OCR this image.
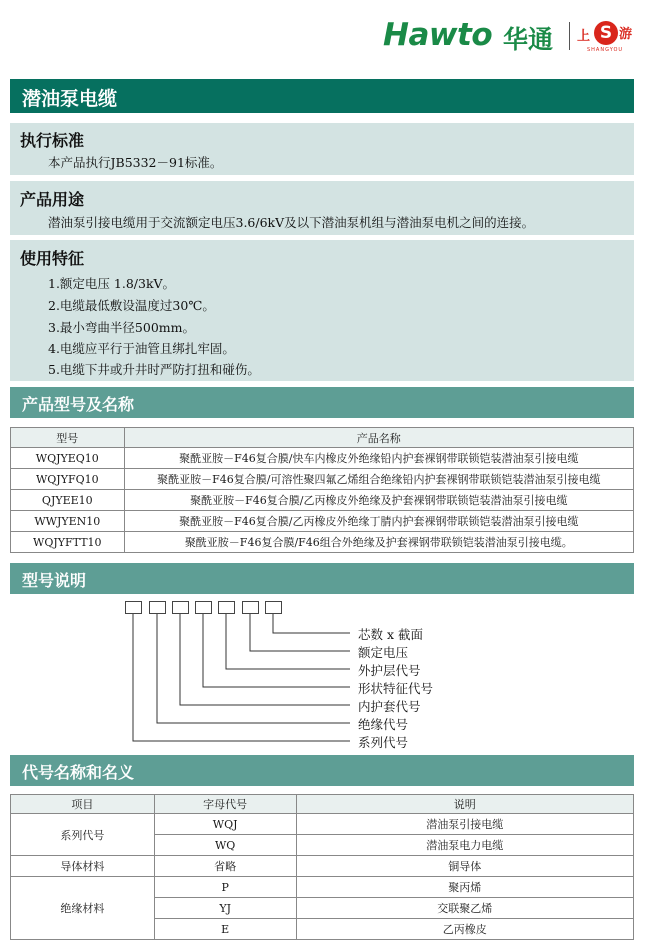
Hawto 华通 上 S 游
SHANGYOU
潜油泵电缆
执行标准
本产品执行JB5332－91标准。
产品用途
潜油泵引接电缆用于交流额定电压3.6/6kV及以下潜油泵机组与潜油泵电机之间的连接。
使用特征
1.额定电压 1.8/3kV。
2.电缆最低敷设温度过30℃。
3.最小弯曲半径500mm。
4.电缆应平行于油管且绑扎牢固。
5.电缆下井或升井时严防打扭和碰伤。
产品型号及名称
型号	产品名称
WQJYEQ10	聚酰亚胺－F46复合膜/快车内橡皮外绝缘铅内护套裸钢带联锁铠装潜油泵引接电缆
WQJYFQ10	聚酰亚胺－F46复合膜/可溶性聚四氟乙烯组合绝缘铅内护套裸钢带联锁铠装潜油泵引接电缆
QJYEE10	聚酰亚胺－F46复合膜/乙丙橡皮外绝缘及护套裸钢带联锁铠装潜油泵引接电缆
WWJYEN10	聚酰亚胺－F46复合膜/乙丙橡皮外绝缘丁腈内护套裸钢带联锁铠装潜油泵引接电缆
WQJYFTT10	聚酰亚胺－F46复合膜/F46组合外绝缘及护套裸钢带联锁铠装潜油泵引接电缆。
型号说明
芯数 x 截面
额定电压
外护层代号
形状特征代号
内护套代号
绝缘代号
系列代号
代号名称和名义
项目	字母代号	说明
系列代号	WQJ	潜油泵引接电缆
	WQ	潜油泵电力电缆
导体材料	省略	铜导体
绝缘材料	P	聚丙烯
	YJ	交联聚乙烯
	E	乙丙橡皮
